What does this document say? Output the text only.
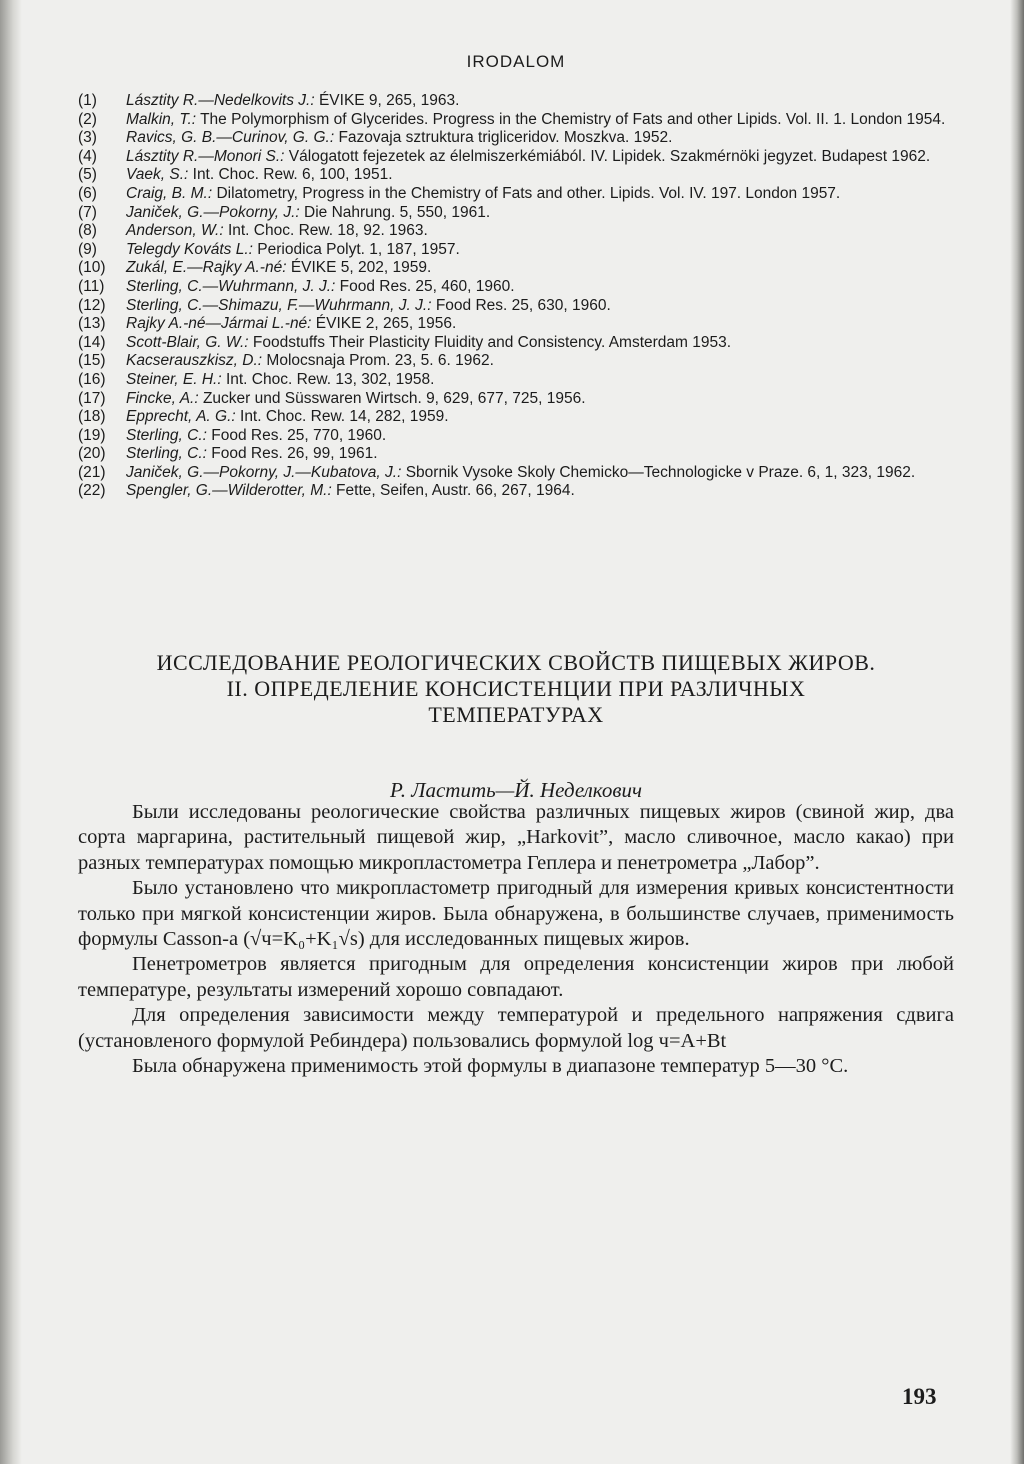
IRODALOM
(1)	Lásztity R.—Nedelkovits J.: ÉVIKE 9, 265, 1963.
(2)	Malkin, T.: The Polymorphism of Glycerides. Progress in the Chemistry of Fats and other Lipids. Vol. II. 1. London 1954.
(3)	Ravics, G. B.—Curinov, G. G.: Fazovaja sztruktura trigliceridov. Moszkva. 1952.
(4)	Lásztity R.—Monori S.: Válogatott fejezetek az élelmiszerkémiából. IV. Lipidek. Szakmérnöki jegyzet. Budapest 1962.
(5)	Vaek, S.: Int. Choc. Rew. 6, 100, 1951.
(6)	Craig, B. M.: Dilatometry, Progress in the Chemistry of Fats and other. Lipids. Vol. IV. 197. London 1957.
(7)	Janiček, G.—Pokorny, J.: Die Nahrung. 5, 550, 1961.
(8)	Anderson, W.: Int. Choc. Rew. 18, 92. 1963.
(9)	Telegdy Kováts L.: Periodica Polyt. 1, 187, 1957.
(10)	Zukál, E.—Rajky A.-né: ÉVIKE 5, 202, 1959.
(11)	Sterling, C.—Wuhrmann, J. J.: Food Res. 25, 460, 1960.
(12)	Sterling, C.—Shimazu, F.—Wuhrmann, J. J.: Food Res. 25, 630, 1960.
(13)	Rajky A.-né—Jármai L.-né: ÉVIKE 2, 265, 1956.
(14)	Scott-Blair, G. W.: Foodstuffs Their Plasticity Fluidity and Consistency. Amsterdam 1953.
(15)	Kacserauszkisz, D.: Molocsnaja Prom. 23, 5. 6. 1962.
(16)	Steiner, E. H.: Int. Choc. Rew. 13, 302, 1958.
(17)	Fincke, A.: Zucker und Süsswaren Wirtsch. 9, 629, 677, 725, 1956.
(18)	Epprecht, A. G.: Int. Choc. Rew. 14, 282, 1959.
(19)	Sterling, C.: Food Res. 25, 770, 1960.
(20)	Sterling, C.: Food Res. 26, 99, 1961.
(21)	Janiček, G.—Pokorny, J.—Kubatova, J.: Sbornik Vysoke Skoly Chemicko—Technologicke v Praze. 6, 1, 323, 1962.
(22)	Spengler, G.—Wilderotter, M.: Fette, Seifen, Austr. 66, 267, 1964.
ИССЛЕДОВАНИЕ РЕОЛОГИЧЕСКИХ СВОЙСТВ ПИЩЕВЫХ ЖИРОВ.
II. ОПРЕДЕЛЕНИЕ КОНСИСТЕНЦИИ ПРИ РАЗЛИЧНЫХ
ТЕМПЕРАТУРАХ
Р. Ластить—Й. Неделкович

Были исследованы реологические свойства различных пищевых жиров (свиной жир, два сорта маргарина, растительный пищевой жир, „Harkovit”, масло сливочное, масло какао) при разных температурах помощью микропластометра Геплера и пенетрометра „Лабор”.

Было установлено что микропластометр пригодный для измерения кривых консистентности только при мягкой консистенции жиров. Была обнаружена, в большинстве случаев, применимость формулы Casson-а (√ч=K₀+K₁√s) для исследованных пищевых жиров.

Пенетрометров является пригодным для определения консистенции жиров при любой температуре, результаты измерений хорошо совпадают.

Для определения зависимости между температурой и предельного напряжения сдвига (установленого формулой Ребиндера) пользовались формулой log ч=A+Bt

Была обнаружена применимость этой формулы в диапазоне температур 5—30 °C.

193
